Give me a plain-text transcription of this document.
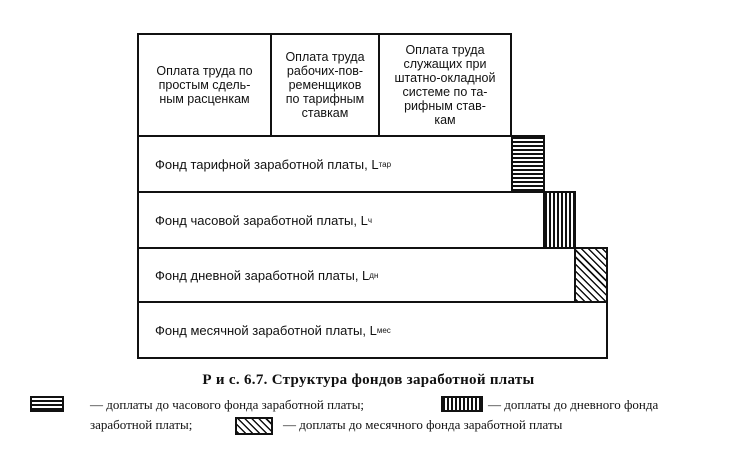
Оплата труда по
простым сдель-
ным расценкам
Оплата труда
рабочих-пов-
ременщиков
по тарифным
ставкам
Оплата труда
служащих при
штатно-окладной
системе по та-
рифным став-
кам
Фонд тарифной заработной платы, L тар
Фонд часовой заработной платы, L ч
Фонд дневной заработной платы, L дн
Фонд месячной заработной платы, L мес
Р и с. 6.7. Структура фондов заработной платы
— доплаты до часового фонда заработной платы;	— доплаты до дневного фонда
заработной платы;	— доплаты до месячного фонда заработной платы
